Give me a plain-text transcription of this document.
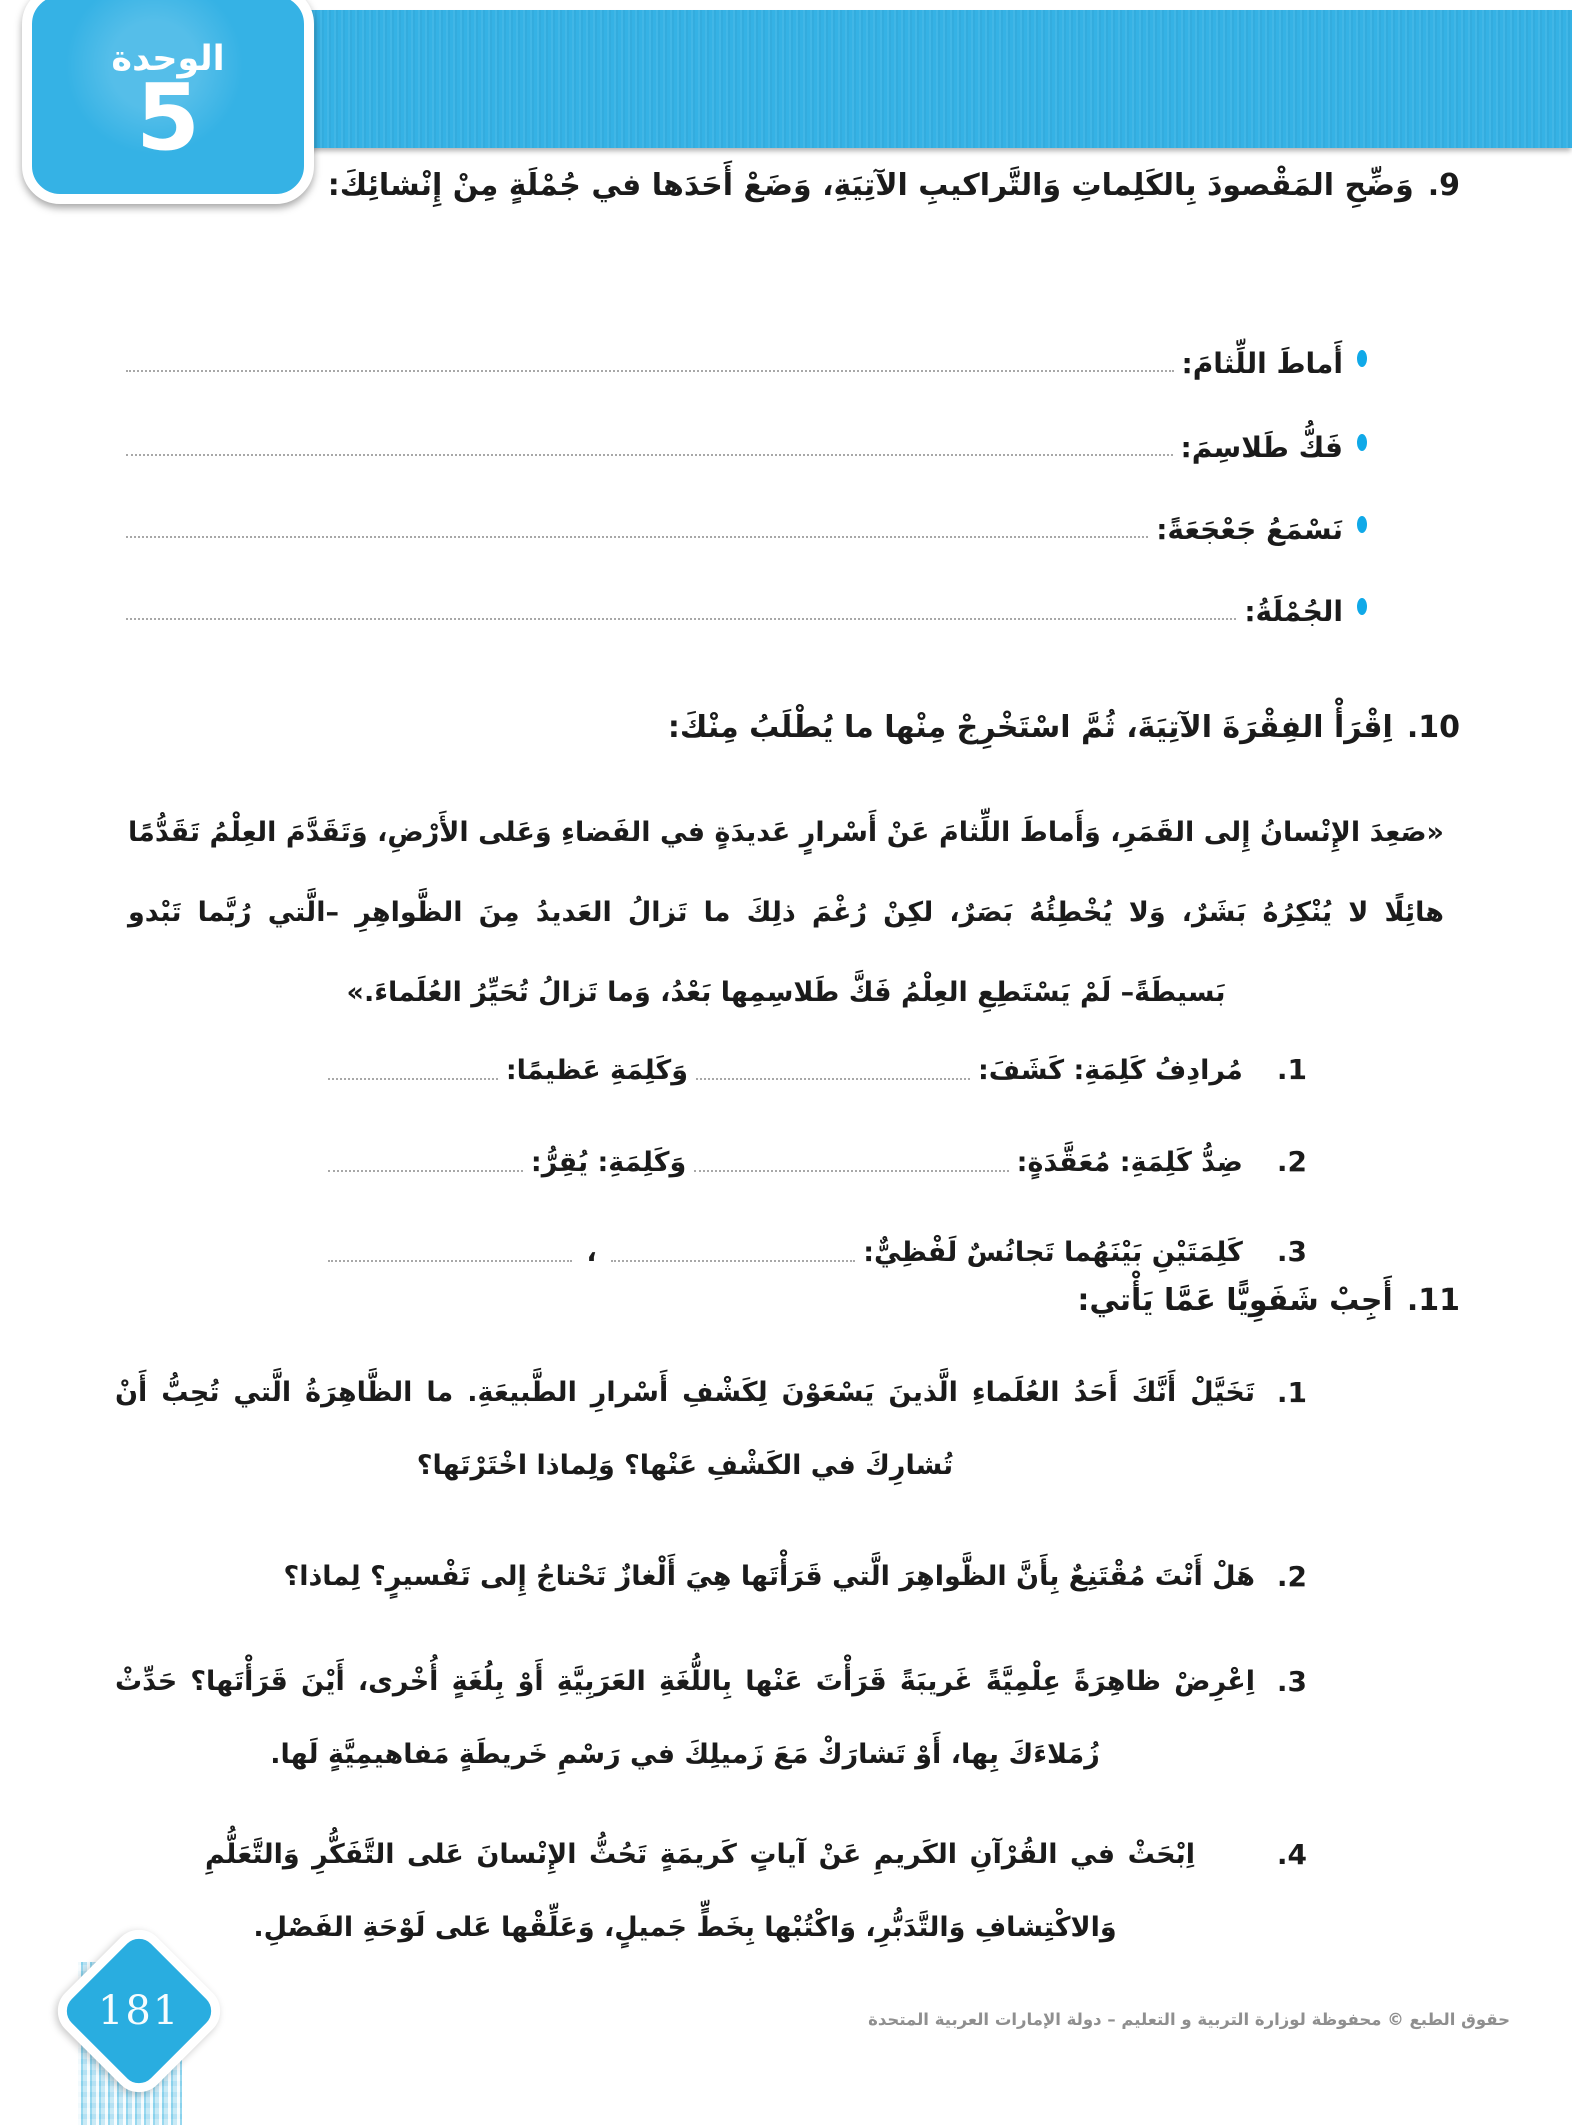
الوحدة
5
9.
وَضِّحِ المَقْصودَ بِالكَلِماتِ وَالتَّراكيبِ الآتِيَةِ، وَضَعْ أَحَدَها في جُمْلَةٍ مِنْ إِنْشائِكَ:
أَماطَ اللِّثامَ:
فَكُّ طَلاسِمَ:
نَسْمَعُ جَعْجَعَةً:
الجُمْلَةُ:
10.
اِقْرَأْ الفِقْرَةَ الآتِيَةَ، ثُمَّ اسْتَخْرِجْ مِنْها ما يُطْلَبُ مِنْكَ:
«صَعِدَ الإِنْسانُ إِلى القَمَرِ، وَأَماطَ اللِّثامَ عَنْ أَسْرارٍ عَديدَةٍ في الفَضاءِ وَعَلى الأَرْضِ، وَتَقَدَّمَ العِلْمُ تَقَدُّمًا
هائِلًا لا يُنْكِرُهُ بَشَرٌ، وَلا يُخْطِئُهُ بَصَرٌ، لكِنْ رُغْمَ ذلِكَ ما تَزالُ العَديدُ مِنَ الظَّواهِرِ –الَّتي رُبَّما تَبْدو
بَسيطَةً– لَمْ يَسْتَطِعِ العِلْمُ فَكَّ طَلاسِمِها بَعْدُ، وَما تَزالُ تُحَيِّرُ العُلَماءَ.»
1.
مُرادِفُ كَلِمَةِ: كَشَفَ:
وَكَلِمَةِ عَظيمًا:
2.
ضِدُّ كَلِمَةِ: مُعَقَّدَةٍ:
وَكَلِمَةِ: يُقِرُّ:
3.
كَلِمَتَيْنِ بَيْنَهُما تَجانُسٌ لَفْظِيٌّ:
،
11.
أَجِبْ شَفَوِيًّا عَمَّا يَأْتي:
1.
تَخَيَّلْ أَنَّكَ أَحَدُ العُلَماءِ الَّذينَ يَسْعَوْنَ لِكَشْفِ أَسْرارِ الطَّبيعَةِ. ما الظَّاهِرَةُ الَّتي تُحِبُّ أَنْ
تُشارِكَ في الكَشْفِ عَنْها؟ وَلِماذا اخْتَرْتَها؟
2.
هَلْ أَنْتَ مُقْتَنِعٌ بِأَنَّ الظَّواهِرَ الَّتي قَرَأْتَها هِيَ أَلْغازٌ تَحْتاجُ إِلى تَفْسيرٍ؟ لِماذا؟
3.
اِعْرِضْ ظاهِرَةً عِلْمِيَّةً غَريبَةً قَرَأْتَ عَنْها بِاللُّغَةِ العَرَبِيَّةِ أَوْ بِلُغَةٍ أُخْرى، أَيْنَ قَرَأْتَها؟ حَدِّثْ
زُمَلاءَكَ بِها، أَوْ تَشارَكْ مَعَ زَميلِكَ في رَسْمِ خَريطَةٍ مَفاهيمِيَّةٍ لَها.
4.
اِبْحَثْ في القُرْآنِ الكَريمِ عَنْ آياتٍ كَريمَةٍ تَحُثُّ الإِنْسانَ عَلى التَّفَكُّرِ وَالتَّعَلُّمِ
وَالاكْتِشافِ وَالتَّدَبُّرِ، وَاكْتُبْها بِخَطٍّ جَميلٍ، وَعَلِّقْها عَلى لَوْحَةِ الفَصْلِ.
181	حقوق الطبع © محفوظة لوزارة التربية و التعليم – دولة الإمارات العربية المتحدة
